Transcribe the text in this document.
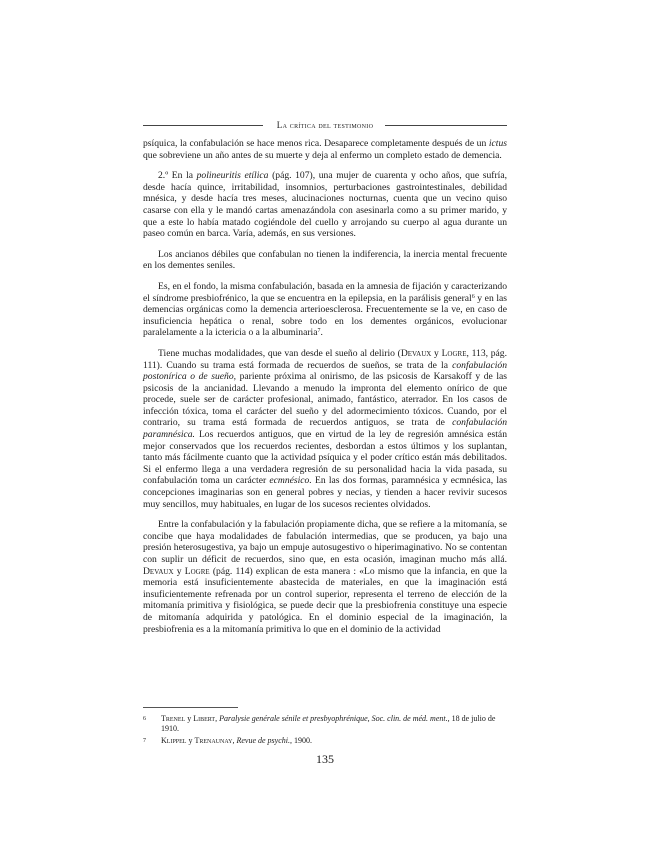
La crítica del testimonio

psíquica, la confabulación se hace menos rica. Desaparece completamente después de un ictus que sobreviene un año antes de su muerte y deja al enfermo un completo estado de demencia.

2.º En la polineuritis etílica (pág. 107), una mujer de cuarenta y ocho años, que sufría, desde hacía quince, irritabilidad, insomnios, perturbaciones gastrointestinales, debilidad mnésica, y desde hacía tres meses, alucinaciones nocturnas, cuenta que un vecino quiso casarse con ella y le mandó cartas amenazándola con asesinarla como a su primer marido, y que a este lo había matado cogiéndole del cuello y arrojando su cuerpo al agua durante un paseo común en barca. Varía, además, en sus versiones.

Los ancianos débiles que confabulan no tienen la indiferencia, la inercia mental frecuente en los dementes seniles.

Es, en el fondo, la misma confabulación, basada en la amnesia de fijación y caracterizando el síndrome presbiofrénico, la que se encuentra en la epilepsia, en la parálisis general$^6$ y en las demencias orgánicas como la demencia arterioesclerosa. Frecuentemente se la ve, en caso de insuficiencia hepática o renal, sobre todo en los dementes orgánicos, evolucionar paralelamente a la ictericia o a la albuminaria$^7$.

Tiene muchas modalidades, que van desde el sueño al delirio (Devaux y Logre, 113, pág. 111). Cuando su trama está formada de recuerdos de sueños, se trata de la confabulación postonírica o de sueño, pariente próxima al onirismo, de las psicosis de Karsakoff y de las psicosis de la ancianidad. Llevando a menudo la impronta del elemento onírico de que procede, suele ser de carácter profesional, animado, fantástico, aterrador. En los casos de infección tóxica, toma el carácter del sueño y del adormecimiento tóxicos. Cuando, por el contrario, su trama está formada de recuerdos antiguos, se trata de confabulación paramnésica. Los recuerdos antiguos, que en virtud de la ley de regresión amnésica están mejor conservados que los recuerdos recientes, desbordan a estos últimos y los suplantan, tanto más fácilmente cuanto que la actividad psíquica y el poder crítico están más debilitados. Si el enfermo llega a una verdadera regresión de su personalidad hacia la vida pasada, su confabulación toma un carácter ecmnésico. En las dos formas, paramnésica y ecmnésica, las concepciones imaginarias son en general pobres y necias, y tienden a hacer revivir sucesos muy sencillos, muy habituales, en lugar de los sucesos recientes olvidados.

Entre la confabulación y la fabulación propiamente dicha, que se refiere a la mitomanía, se concibe que haya modalidades de fabulación intermedias, que se producen, ya bajo una presión heterosugestiva, ya bajo un empuje autosugestivo o hiperimaginativo. No se contentan con suplir un déficit de recuerdos, sino que, en esta ocasión, imaginan mucho más allá. Devaux y Logre (pág. 114) explican de esta manera : «Lo mismo que la infancia, en que la memoria está insuficientemente abastecida de materiales, en que la imaginación está insuficientemente refrenada por un control superior, representa el terreno de elección de la mitomanía primitiva y fisiológica, se puede decir que la presbiofrenia constituye una especie de mitomanía adquirida y patológica. En el dominio especial de la imaginación, la presbiofrenia es a la mitomanía primitiva lo que en el dominio de la actividad

6 Trenel y Libert, Paralysie genérale sénile et presbyophrénique, Soc. clin. de méd. ment., 18 de julio de 1910.
7 Klippel y Trenaunay, Revue de psychi., 1900.
135
